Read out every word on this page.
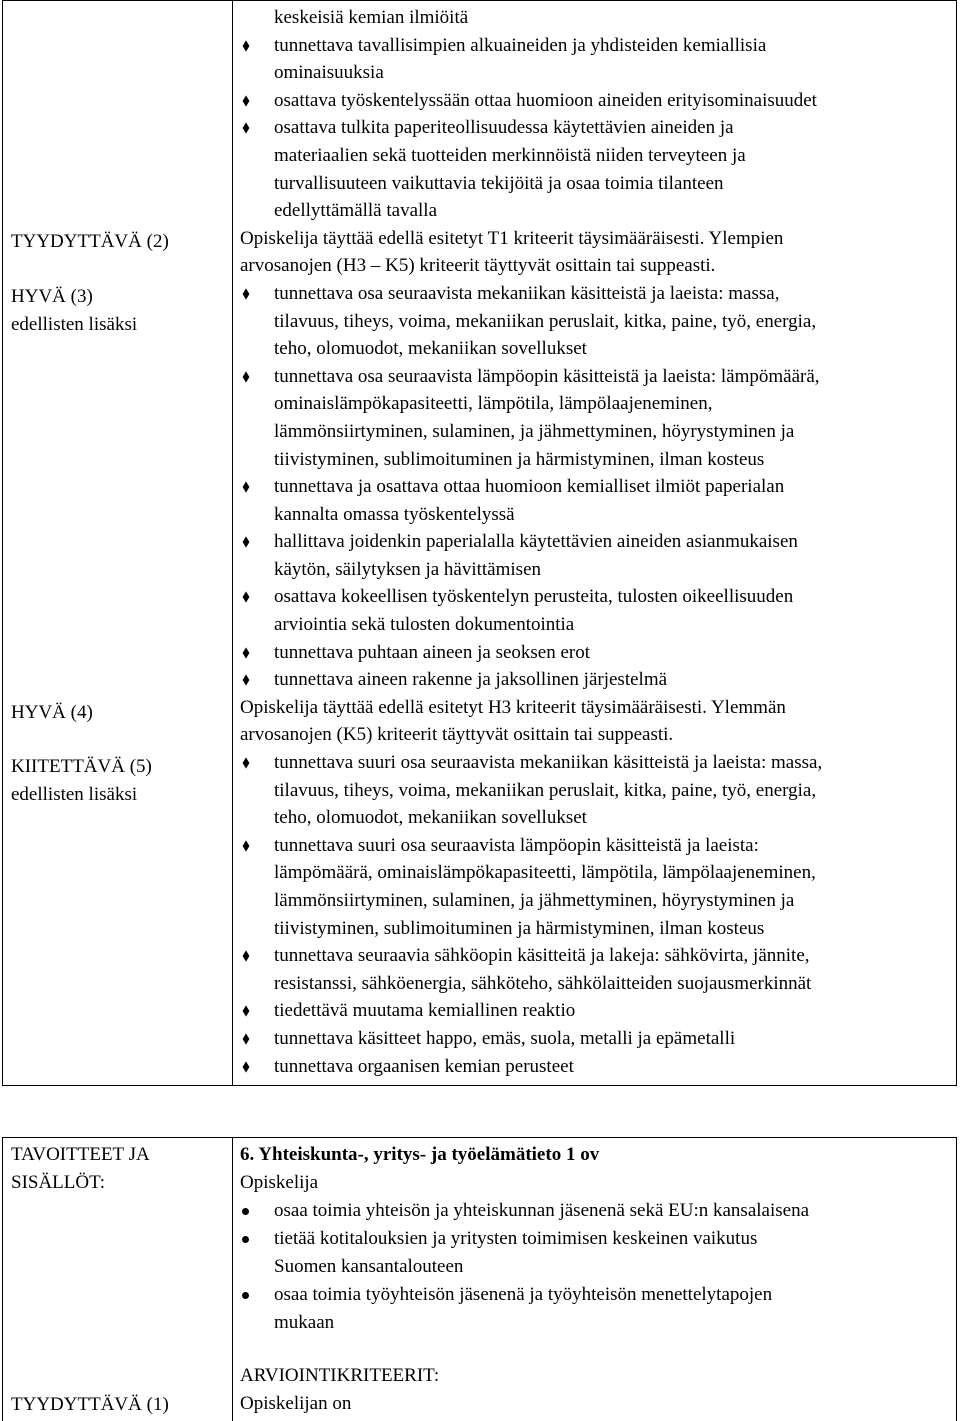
TYYDYTTÄVÄ (2)
HYVÄ (3)
edellisten lisäksi
HYVÄ (4)
KIITETTÄVÄ (5)
edellisten lisäksi
keskeisiä kemian ilmiöitä
tunnettava tavallisimpien alkuaineiden ja yhdisteiden kemiallisia
ominaisuuksia
osattava työskentelyssään ottaa huomioon aineiden erityisominaisuudet
osattava tulkita paperiteollisuudessa käytettävien aineiden ja
materiaalien sekä tuotteiden merkinnöistä niiden terveyteen ja
turvallisuuteen vaikuttavia tekijöitä ja osaa toimia tilanteen
edellyttämällä tavalla
Opiskelija täyttää edellä esitetyt T1 kriteerit täysimääräisesti. Ylempien
arvosanojen (H3 – K5) kriteerit täyttyvät osittain tai suppeasti.
tunnettava osa seuraavista mekaniikan käsitteistä ja laeista: massa,
tilavuus, tiheys, voima, mekaniikan peruslait, kitka, paine, työ, energia,
teho, olomuodot, mekaniikan sovellukset
tunnettava osa seuraavista lämpöopin käsitteistä ja laeista: lämpömäärä,
ominaislämpökapasiteetti, lämpötila, lämpölaajeneminen,
lämmönsiirtyminen, sulaminen, ja jähmettyminen, höyrystyminen ja
tiivistyminen, sublimoituminen ja härmistyminen, ilman kosteus
tunnettava ja osattava ottaa huomioon kemialliset ilmiöt paperialan
kannalta omassa työskentelyssä
hallittava joidenkin paperialalla käytettävien aineiden asianmukaisen
käytön, säilytyksen ja hävittämisen
osattava kokeellisen työskentelyn perusteita, tulosten oikeellisuuden
arviointia sekä tulosten dokumentointia
tunnettava puhtaan aineen ja seoksen erot
tunnettava aineen rakenne ja jaksollinen järjestelmä
Opiskelija täyttää edellä esitetyt H3 kriteerit täysimääräisesti. Ylemmän
arvosanojen (K5) kriteerit täyttyvät osittain tai suppeasti.
tunnettava suuri osa seuraavista mekaniikan käsitteistä ja laeista: massa,
tilavuus, tiheys, voima, mekaniikan peruslait, kitka, paine, työ, energia,
teho, olomuodot, mekaniikan sovellukset
tunnettava suuri osa seuraavista lämpöopin käsitteistä ja laeista:
lämpömäärä, ominaislämpökapasiteetti, lämpötila, lämpölaajeneminen,
lämmönsiirtyminen, sulaminen, ja jähmettyminen, höyrystyminen ja
tiivistyminen, sublimoituminen ja härmistyminen, ilman kosteus
tunnettava seuraavia sähköopin käsitteitä ja lakeja: sähkövirta, jännite,
resistanssi, sähköenergia, sähköteho, sähkölaitteiden suojausmerkinnät
tiedettävä muutama kemiallinen reaktio
tunnettava käsitteet happo, emäs, suola, metalli ja epämetalli
tunnettava orgaanisen kemian perusteet
TAVOITTEET JA
SISÄLLÖT:
TYYDYTTÄVÄ (1)
6. Yhteiskunta-, yritys- ja työelämätieto 1 ov
Opiskelija
osaa toimia yhteisön ja yhteiskunnan jäsenenä sekä EU:n kansalaisena
tietää kotitalouksien ja yritysten toimimisen keskeinen vaikutus
Suomen kansantalouteen
osaa toimia työyhteisön jäsenenä ja työyhteisön menettelytapojen
mukaan
ARVIOINTIKRITEERIT:
Opiskelijan on
